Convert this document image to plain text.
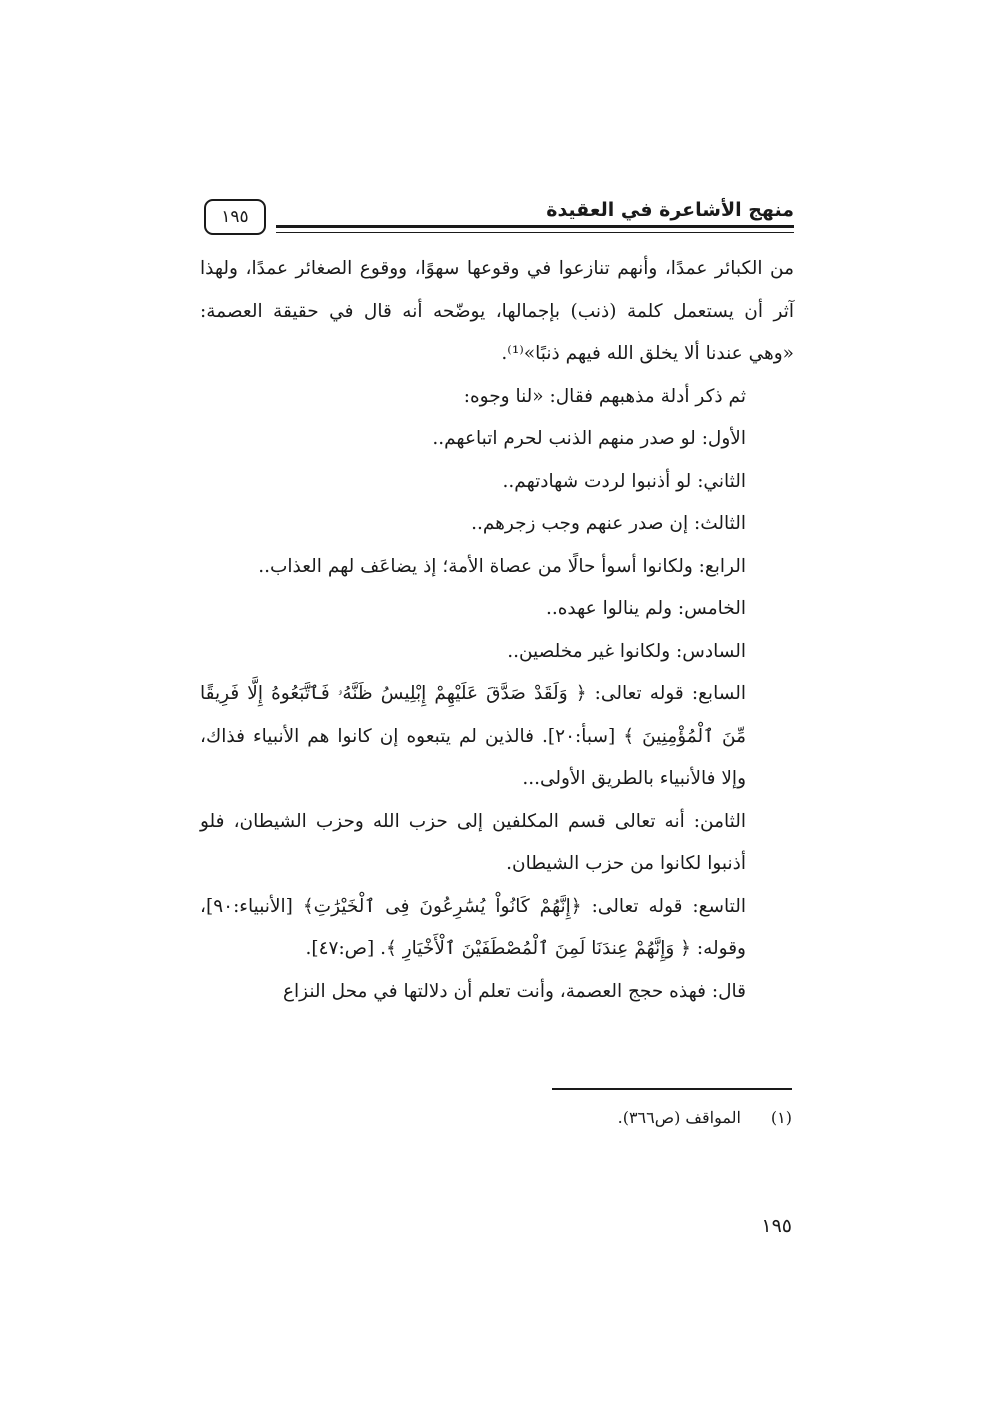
منهج الأشاعرة في العقيدة
١٩٥

من الكبائر عمدًا، وأنهم تنازعوا في وقوعها سهوًا، ووقوع الصغائر عمدًا، ولهذا آثر أن يستعمل كلمة (ذنب) بإجمالها، يوضّحه أنه قال في حقيقة العصمة: «وهي عندنا ألا يخلق الله فيهم ذنبًا»⁽¹⁾.

ثم ذكر أدلة مذهبهم فقال: «لنا وجوه:

الأول: لو صدر منهم الذنب لحرم اتباعهم..

الثاني: لو أذنبوا لردت شهادتهم..

الثالث: إن صدر عنهم وجب زجرهم..

الرابع: ولكانوا أسوأ حالًا من عصاة الأمة؛ إذ يضاعَف لهم العذاب..

الخامس: ولم ينالوا عهده..

السادس: ولكانوا غير مخلصين..

السابع: قوله تعالى: ﴿ وَلَقَدْ صَدَّقَ عَلَيْهِمْ إِبْلِيسُ ظَنَّهُۥ فَٱتَّبَعُوهُ إِلَّا فَرِيقًا مِّنَ ٱلْمُؤْمِنِينَ ﴾ [سبأ:٢٠]. فالذين لم يتبعوه إن كانوا هم الأنبياء فذاك، وإلا فالأنبياء بالطريق الأولى...

الثامن: أنه تعالى قسم المكلفين إلى حزب الله وحزب الشيطان، فلو أذنبوا لكانوا من حزب الشيطان.

التاسع: قوله تعالى: ﴿إِنَّهُمْ كَانُواْ يُسَٰرِعُونَ فِى ٱلْخَيْرَٰتِ﴾ [الأنبياء:٩٠]، وقوله: ﴿ وَإِنَّهُمْ عِندَنَا لَمِنَ ٱلْمُصْطَفَيْنَ ٱلْأَخْيَارِ ﴾. [ص:٤٧].

قال: فهذه حجج العصمة، وأنت تعلم أن دلالتها في محل النزاع

(١) المواقف (ص٣٦٦).
١٩٥
